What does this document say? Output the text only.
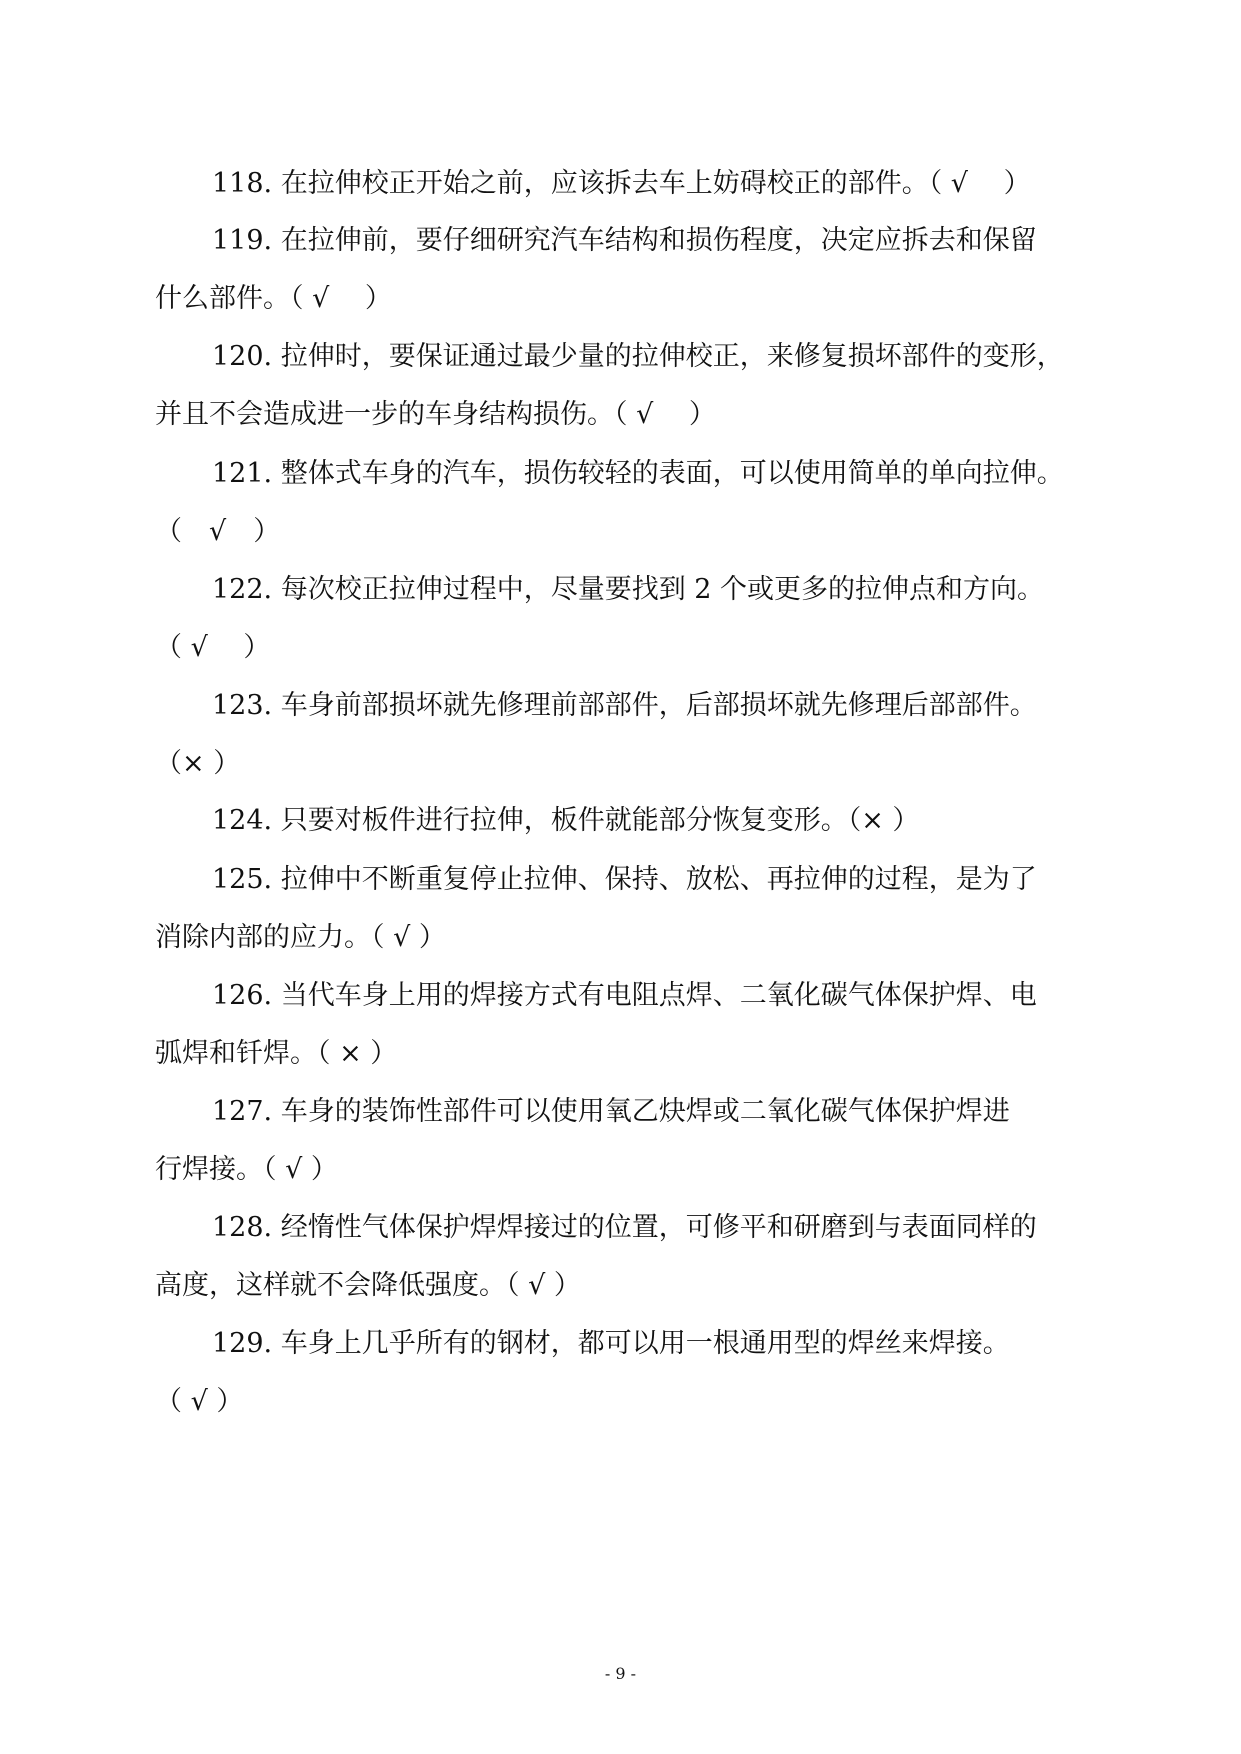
118. 在拉伸校正开始之前，应该拆去车上妨碍校正的部件。（ √　 ）
119. 在拉伸前，要仔细研究汽车结构和损伤程度，决定应拆去和保留
什么部件。（ √　 ）
120. 拉伸时，要保证通过最少量的拉伸校正，来修复损坏部件的变形，
并且不会造成进一步的车身结构损伤。（ √　 ）
121. 整体式车身的汽车，损伤较轻的表面，可以使用简单的单向拉伸。
（　√　）
122. 每次校正拉伸过程中，尽量要找到 2 个或更多的拉伸点和方向。
（ √　 ）
123. 车身前部损坏就先修理前部部件，后部损坏就先修理后部部件。
（× ）
124. 只要对板件进行拉伸，板件就能部分恢复变形。（× ）
125. 拉伸中不断重复停止拉伸、保持、放松、再拉伸的过程，是为了
消除内部的应力。（ √ ）
126. 当代车身上用的焊接方式有电阻点焊、二氧化碳气体保护焊、电
弧焊和钎焊。（ × ）
127. 车身的装饰性部件可以使用氧乙炔焊或二氧化碳气体保护焊进
行焊接。（ √ ）
128. 经惰性气体保护焊焊接过的位置，可修平和研磨到与表面同样的
高度，这样就不会降低强度。（ √ ）
129. 车身上几乎所有的钢材，都可以用一根通用型的焊丝来焊接。
（ √ ）
- 9 -
